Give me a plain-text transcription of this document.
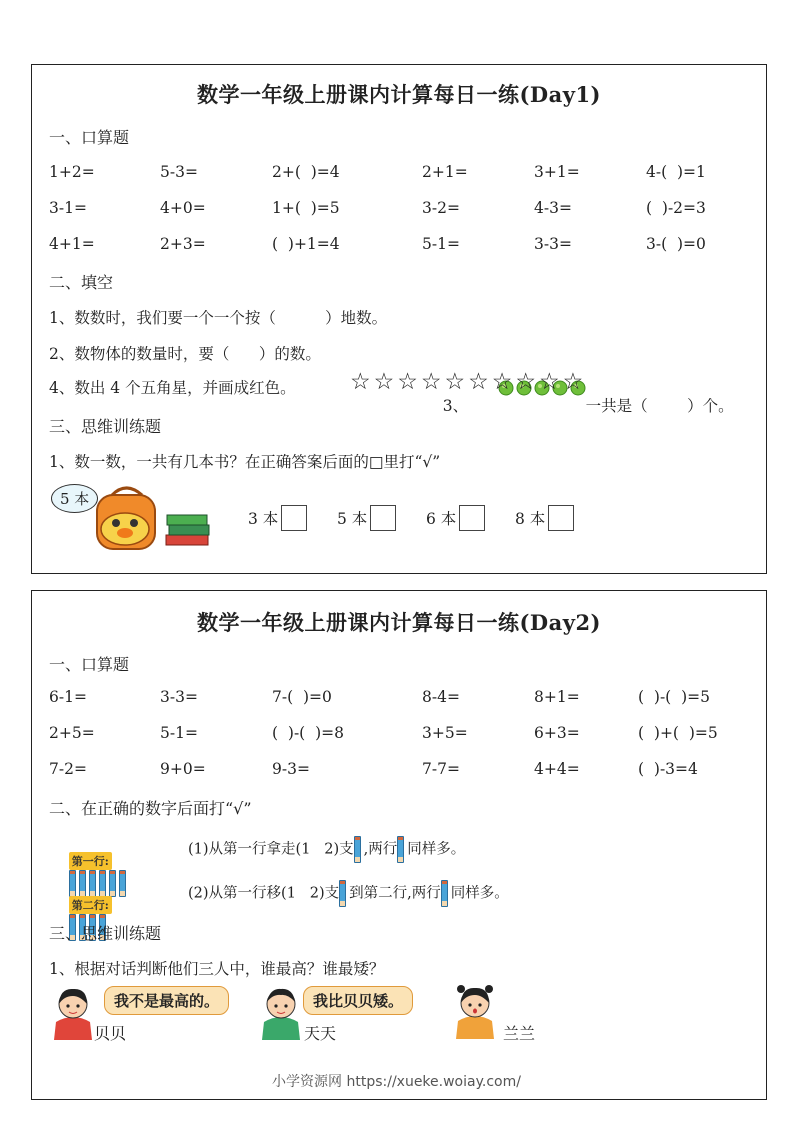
数学一年级上册课内计算每日一练(Day1)
一、口算题
1+2=	5-3=	2+(  )=4	2+1=	3+1=	4-(  )=1
3-1=	4+0=	1+(  )=5	3-2=	4-3=	(  )-2=3
4+1=	2+3=	(  )+1=4	5-1=	3-3=	3-(  )=0
二、填空
1、数数时，我们要一个一个按（          ）地数。
2、数物体的数量时，要（      ）的数。

3、
	一共是（        ）个。

4、数出 4 个五角星，并画成红色。 ☆☆☆☆☆☆☆☆☆☆
三、思维训练题
1、数一数，一共有几本书？在正确答案后面的□里打“√”
5 本
3 本	5 本	6 本	8 本
数学一年级上册课内计算每日一练(Day2)
一、口算题
6-1=	3-3=	7-(  )=0	8-4=	8+1=	(  )-(  )=5
2+5=	5-1=	(  )-(  )=8	3+5=	6+3=	(  )+(  )=5
7-2=	9+0=	9-3=	7-7=	4+4=	(  )-3=4
二、在正确的数字后面打“√”

第一行:

(1)从第一行拿走(1   2)支 ,两行 同样多。

第二行:

(2)从第一行移(1   2)支 到第二行,两行 同样多。
三、思维训练题
1、根据对话判断他们三人中，谁最高？谁最矮？
我不是最高的。
贝贝
我比贝贝矮。
天天	兰兰
小学资源网 https://xueke.woiay.com/
